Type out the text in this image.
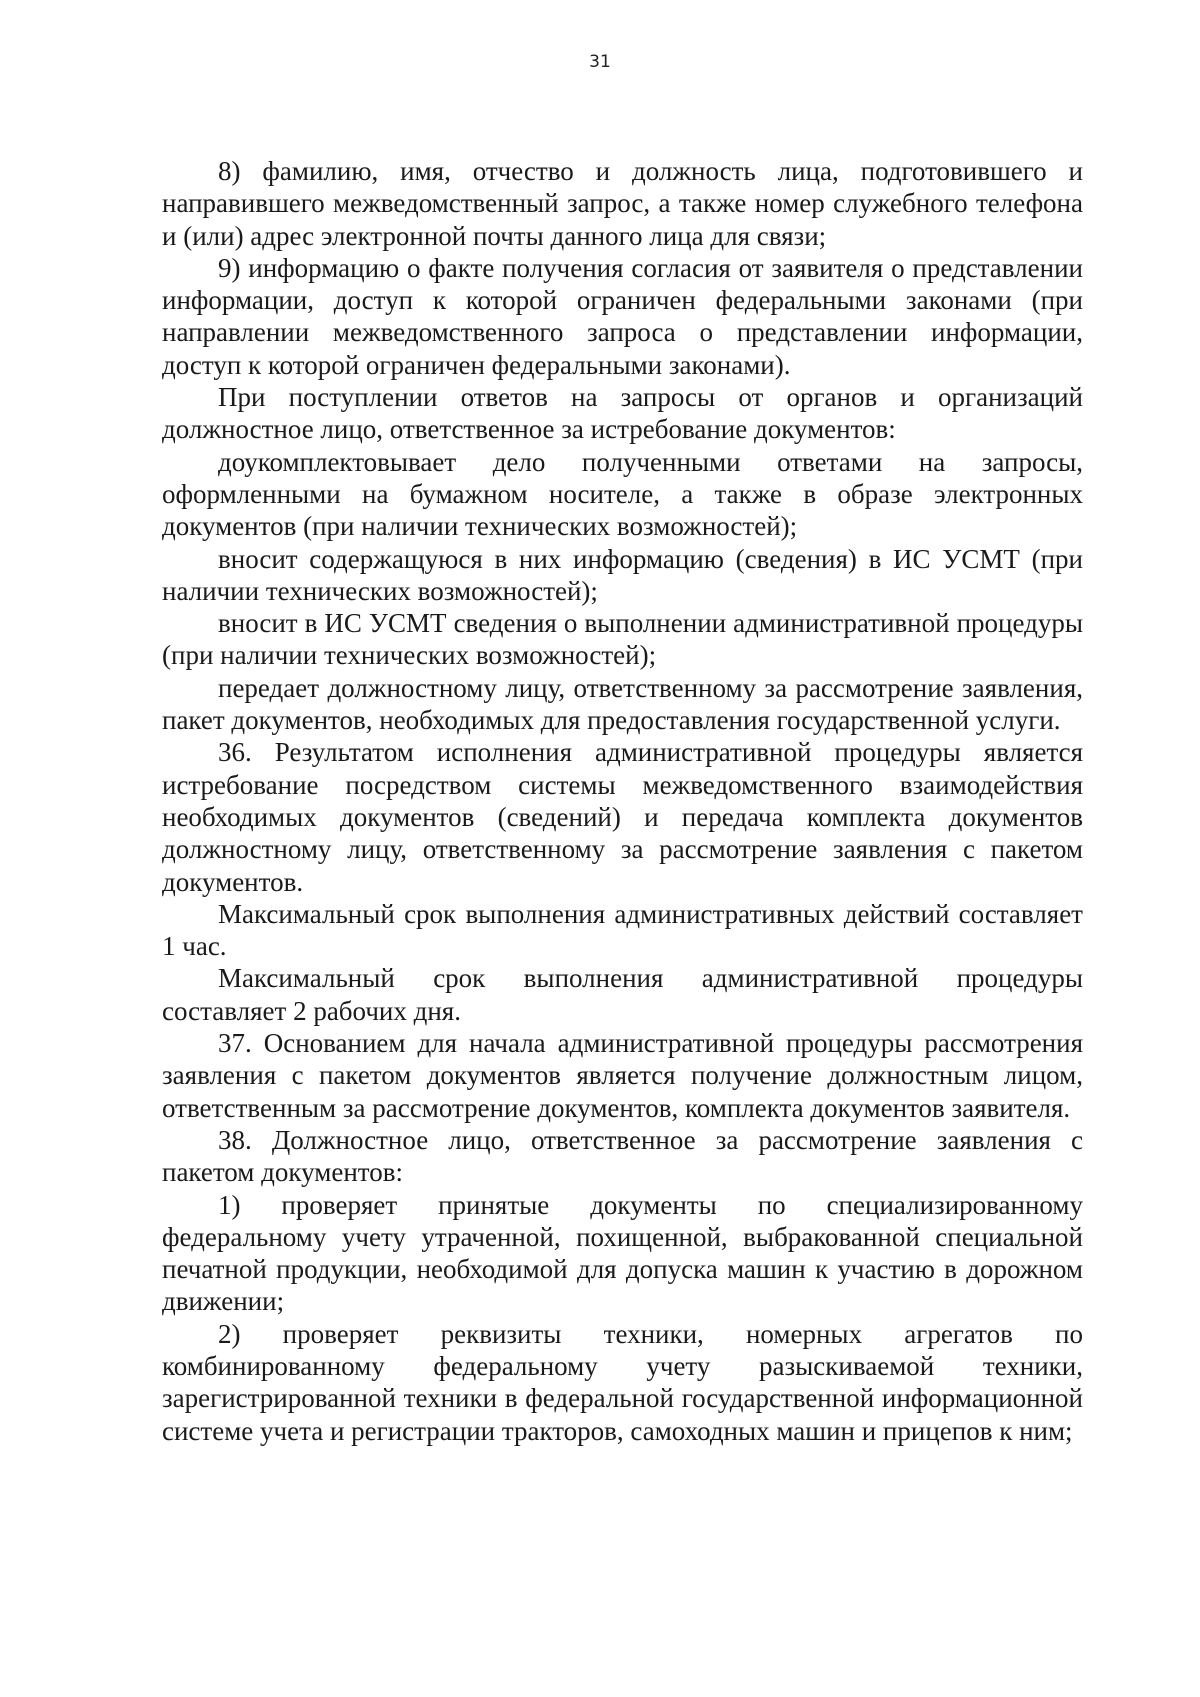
31

8) фамилию, имя, отчество и должность лица, подготовившего и направившего межведомственный запрос, а также номер служебного телефона и (или) адрес электронной почты данного лица для связи;

9) информацию о факте получения согласия от заявителя о представлении информации, доступ к которой ограничен федеральными законами (при направлении межведомственного запроса о представлении информации, доступ к которой ограничен федеральными законами).

При поступлении ответов на запросы от органов и организаций должностное лицо, ответственное за истребование документов:

доукомплектовывает дело полученными ответами на запросы, оформленными на бумажном носителе, а также в образе электронных документов (при наличии технических возможностей);

вносит содержащуюся в них информацию (сведения) в ИС УСМТ (при наличии технических возможностей);

вносит в ИС УСМТ сведения о выполнении административной процедуры (при наличии технических возможностей);

передает должностному лицу, ответственному за рассмотрение заявления, пакет документов, необходимых для предоставления государственной услуги.

36. Результатом исполнения административной процедуры является истребование посредством системы межведомственного взаимодействия необходимых документов (сведений) и передача комплекта документов должностному лицу, ответственному за рассмотрение заявления с пакетом документов.

Максимальный срок выполнения административных действий составляет 1 час.

Максимальный срок выполнения административной процедуры составляет 2 рабочих дня.

37. Основанием для начала административной процедуры рассмотрения заявления с пакетом документов является получение должностным лицом, ответственным за рассмотрение документов, комплекта документов заявителя.

38. Должностное лицо, ответственное за рассмотрение заявления с пакетом документов:

1) проверяет принятые документы по специализированному федеральному учету утраченной, похищенной, выбракованной специальной печатной продукции, необходимой для допуска машин к участию в дорожном движении;

2) проверяет реквизиты техники, номерных агрегатов по комбинированному федеральному учету разыскиваемой техники, зарегистрированной техники в федеральной государственной информационной системе учета и регистрации тракторов, самоходных машин и прицепов к ним;
